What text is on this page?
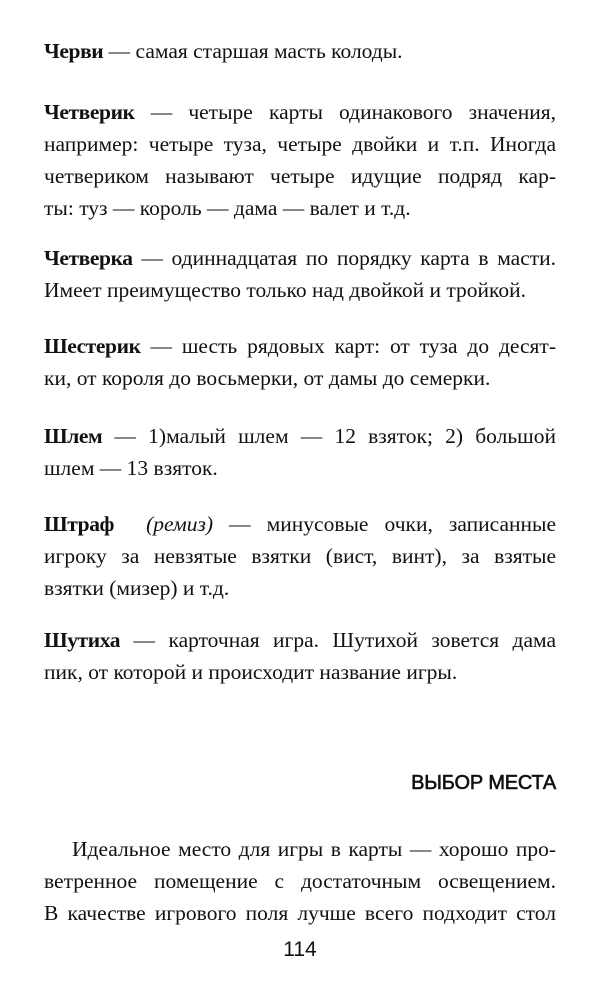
Черви — самая старшая масть колоды.
Четверик — четыре карты одинакового значения,
например: четыре туза, четыре двойки и т.п. Иногда
четвериком называют четыре идущие подряд кар-
ты: туз — король — дама — валет и т.д.
Четверка — одиннадцатая по порядку карта в масти.
Имеет преимущество только над двойкой и тройкой.
Шестерик — шесть рядовых карт: от туза до десят-
ки, от короля до восьмерки, от дамы до семерки.
Шлем — 1)малый шлем — 12 взяток; 2) большой
шлем — 13 взяток.
Штраф (ремиз) — минусовые очки, записанные
игроку за невзятые взятки (вист, винт), за взятые
взятки (мизер) и т.д.
Шутиха — карточная игра. Шутихой зовется дама
пик, от которой и происходит название игры.
ВЫБОР МЕСТА
Идеальное место для игры в карты — хорошо про-
ветренное помещение с достаточным освещением.
В качестве игрового поля лучше всего подходит стол
114
